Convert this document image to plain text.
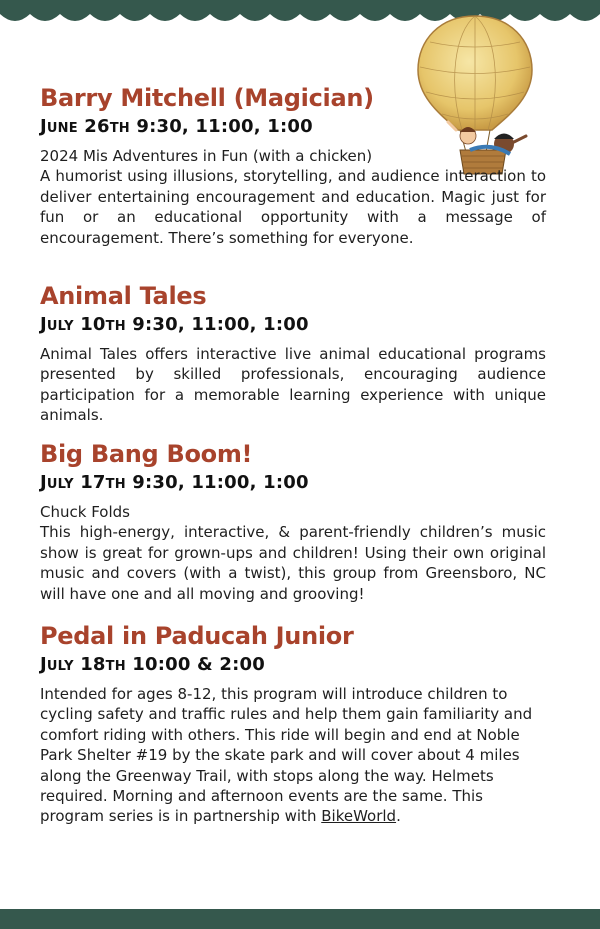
Barry Mitchell (Magician)
June 26th 9:30, 11:00, 1:00

2024 Mis Adventures in Fun (with a chicken)

A humorist using illusions, storytelling, and audience interaction to deliver entertaining encouragement and education. Magic just for fun or an educational opportunity with a message of encouragement. There’s something for everyone.

Animal Tales
July 10th 9:30, 11:00, 1:00

Animal Tales offers interactive live animal educational programs presented by skilled professionals, encouraging audience participation for a memorable learning experience with unique animals.

Big Bang Boom!
July 17th 9:30, 11:00, 1:00

Chuck Folds

This high-energy, interactive, & parent-friendly children’s music show is great for grown-ups and children! Using their own original music and covers (with a twist), this group from Greensboro, NC will have one and all moving and grooving!

Pedal in Paducah Junior
July 18th 10:00 & 2:00

Intended for ages 8-12, this program will introduce children to cycling safety and traffic rules and help them gain familiarity and comfort riding with others. This ride will begin and end at Noble Park Shelter #19 by the skate park and will cover about 4 miles along the Greenway Trail, with stops along the way. Helmets required. Morning and afternoon events are the same. This program series is in partnership with BikeWorld.
